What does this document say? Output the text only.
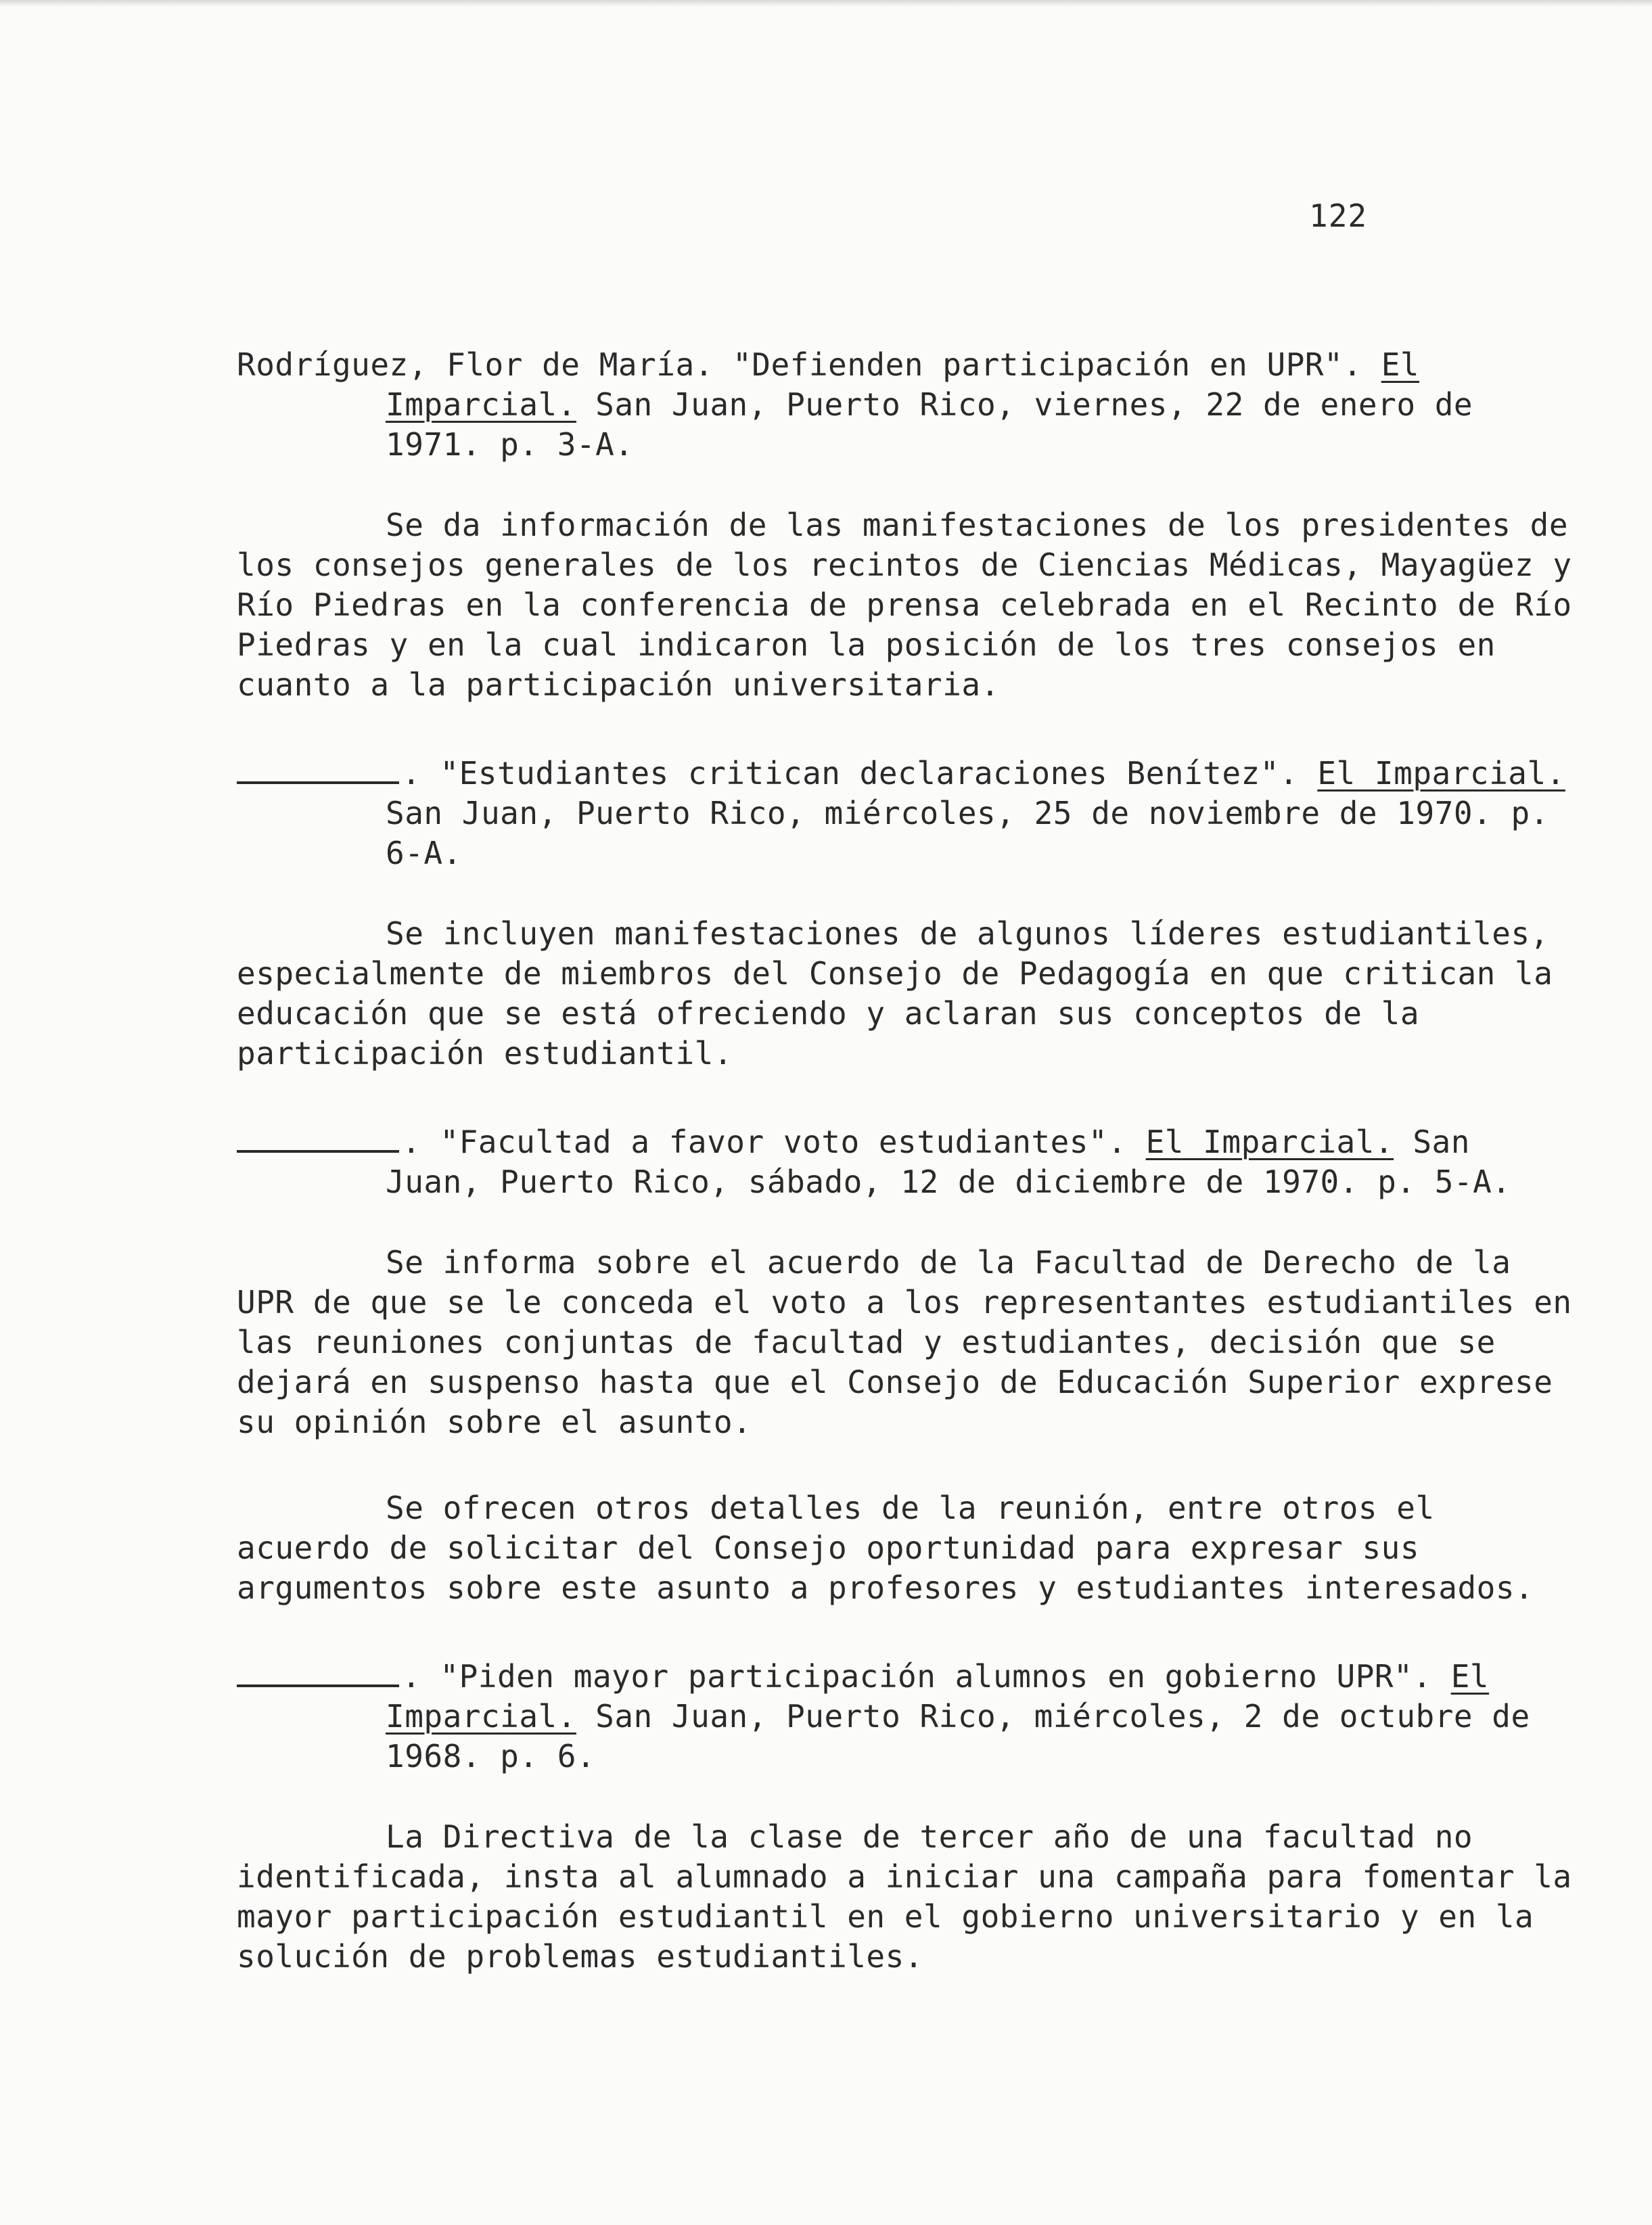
122

Rodríguez, Flor de María. "Defienden participación en UPR". El Imparcial. San Juan, Puerto Rico, viernes, 22 de enero de 1971. p. 3-A.

Se da información de las manifestaciones de los presidentes de los consejos generales de los recintos de Ciencias Médicas, Mayagüez y Río Piedras en la conferencia de prensa celebrada en el Recinto de Río Piedras y en la cual indicaron la posición de los tres consejos en cuanto a la participación universitaria.

. "Estudiantes critican declaraciones Benítez". El Imparcial. San Juan, Puerto Rico, miércoles, 25 de noviembre de 1970. p. 6-A.

Se incluyen manifestaciones de algunos líderes estudiantiles, especialmente de miembros del Consejo de Pedagogía en que critican la educación que se está ofreciendo y aclaran sus conceptos de la participación estudiantil.

. "Facultad a favor voto estudiantes". El Imparcial. San Juan, Puerto Rico, sábado, 12 de diciembre de 1970. p. 5-A.

Se informa sobre el acuerdo de la Facultad de Derecho de la UPR de que se le conceda el voto a los representantes estudiantiles en las reuniones conjuntas de facultad y estudiantes, decisión que se dejará en suspenso hasta que el Consejo de Educación Superior exprese su opinión sobre el asunto.

Se ofrecen otros detalles de la reunión, entre otros el acuerdo de solicitar del Consejo oportunidad para expresar sus argumentos sobre este asunto a profesores y estudiantes interesados.

. "Piden mayor participación alumnos en gobierno UPR". El Imparcial. San Juan, Puerto Rico, miércoles, 2 de octubre de 1968. p. 6.

La Directiva de la clase de tercer año de una facultad no identificada, insta al alumnado a iniciar una campaña para fomentar la mayor participación estudiantil en el gobierno universitario y en la solución de problemas estudiantiles.
